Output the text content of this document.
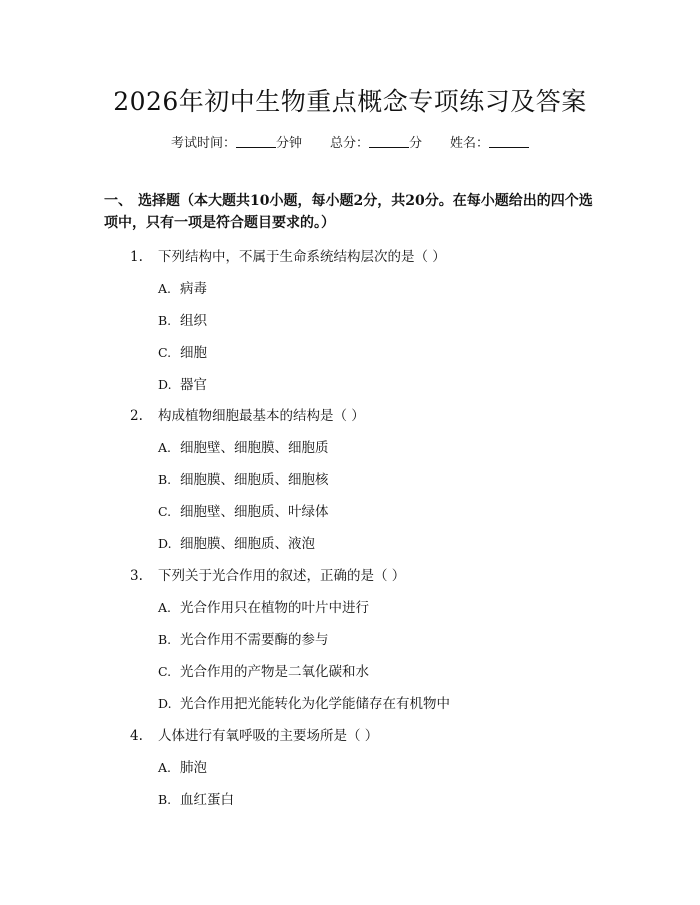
2026年初中生物重点概念专项练习及答案
考试时间：	分钟 总分：	分 姓名：
一、 选择题（本大题共10小题，每小题2分，共20分。在每小题给出的四个选项中，只有一项是符合题目要求的。）
1. 下列结构中，不属于生命系统结构层次的是（ ）
A. 病毒
B. 组织
C. 细胞
D. 器官
2. 构成植物细胞最基本的结构是（ ）
A. 细胞壁、细胞膜、细胞质
B. 细胞膜、细胞质、细胞核
C. 细胞壁、细胞质、叶绿体
D. 细胞膜、细胞质、液泡
3. 下列关于光合作用的叙述，正确的是（ ）
A. 光合作用只在植物的叶片中进行
B. 光合作用不需要酶的参与
C. 光合作用的产物是二氧化碳和水
D. 光合作用把光能转化为化学能储存在有机物中
4. 人体进行有氧呼吸的主要场所是（ ）
A. 肺泡
B. 血红蛋白
